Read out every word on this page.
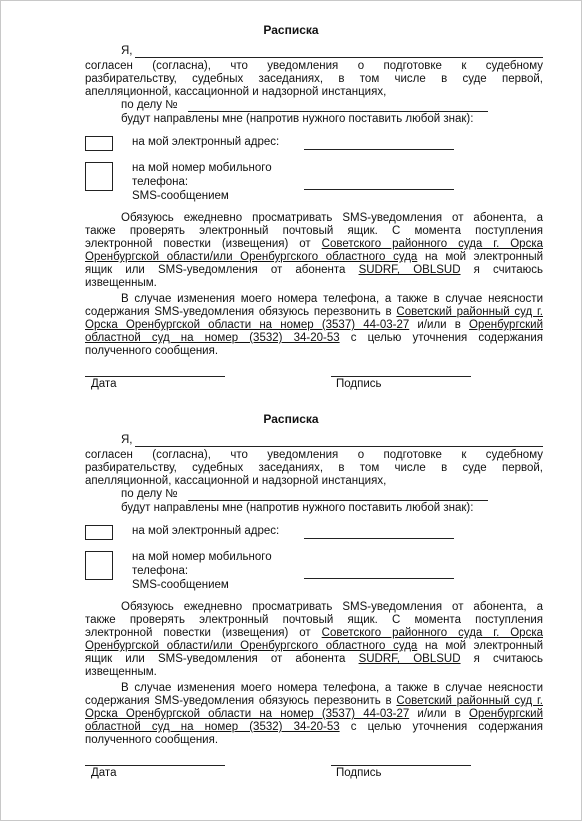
Расписка
Я,
согласен (согласна), что уведомления о подготовке к судебному
разбирательству, судебных заседаниях, в том числе в суде первой,
апелляционной, кассационной и надзорной инстанциях,
по делу №
будут направлены мне (напротив нужного поставить любой знак):
на мой электронный адрес:
на мой номер мобильного
телефона:
SMS-сообщением
Обязуюсь ежедневно просматривать SMS-уведомления от абонента, а
также проверять электронный почтовый ящик. С момента поступления
электронной повестки (извещения) от Советского районного суда г. Орска
Оренбургской области/или Оренбургского областного суда на мой электронный
ящик или SMS-уведомления от абонента SUDRF, OBLSUD я считаюсь
извещенным.
В случае изменения моего номера телефона, а также в случае неясности
содержания SMS-уведомления обязуюсь перезвонить в Советский районный суд г.
Орска Оренбургской области на номер (3537) 44-03-27 и/или в Оренбургский
областной суд на номер (3532) 34-20-53 с целью уточнения содержания
полученного сообщения.
Дата	Подпись
Расписка
Я,
согласен (согласна), что уведомления о подготовке к судебному
разбирательству, судебных заседаниях, в том числе в суде первой,
апелляционной, кассационной и надзорной инстанциях,
по делу №
будут направлены мне (напротив нужного поставить любой знак):
на мой электронный адрес:
на мой номер мобильного
телефона:
SMS-сообщением
Обязуюсь ежедневно просматривать SMS-уведомления от абонента, а
также проверять электронный почтовый ящик. С момента поступления
электронной повестки (извещения) от Советского районного суда г. Орска
Оренбургской области/или Оренбургского областного суда на мой электронный
ящик или SMS-уведомления от абонента SUDRF, OBLSUD я считаюсь
извещенным.
В случае изменения моего номера телефона, а также в случае неясности
содержания SMS-уведомления обязуюсь перезвонить в Советский районный суд г.
Орска Оренбургской области на номер (3537) 44-03-27 и/или в Оренбургский
областной суд на номер (3532) 34-20-53 с целью уточнения содержания
полученного сообщения.
Дата	Подпись
